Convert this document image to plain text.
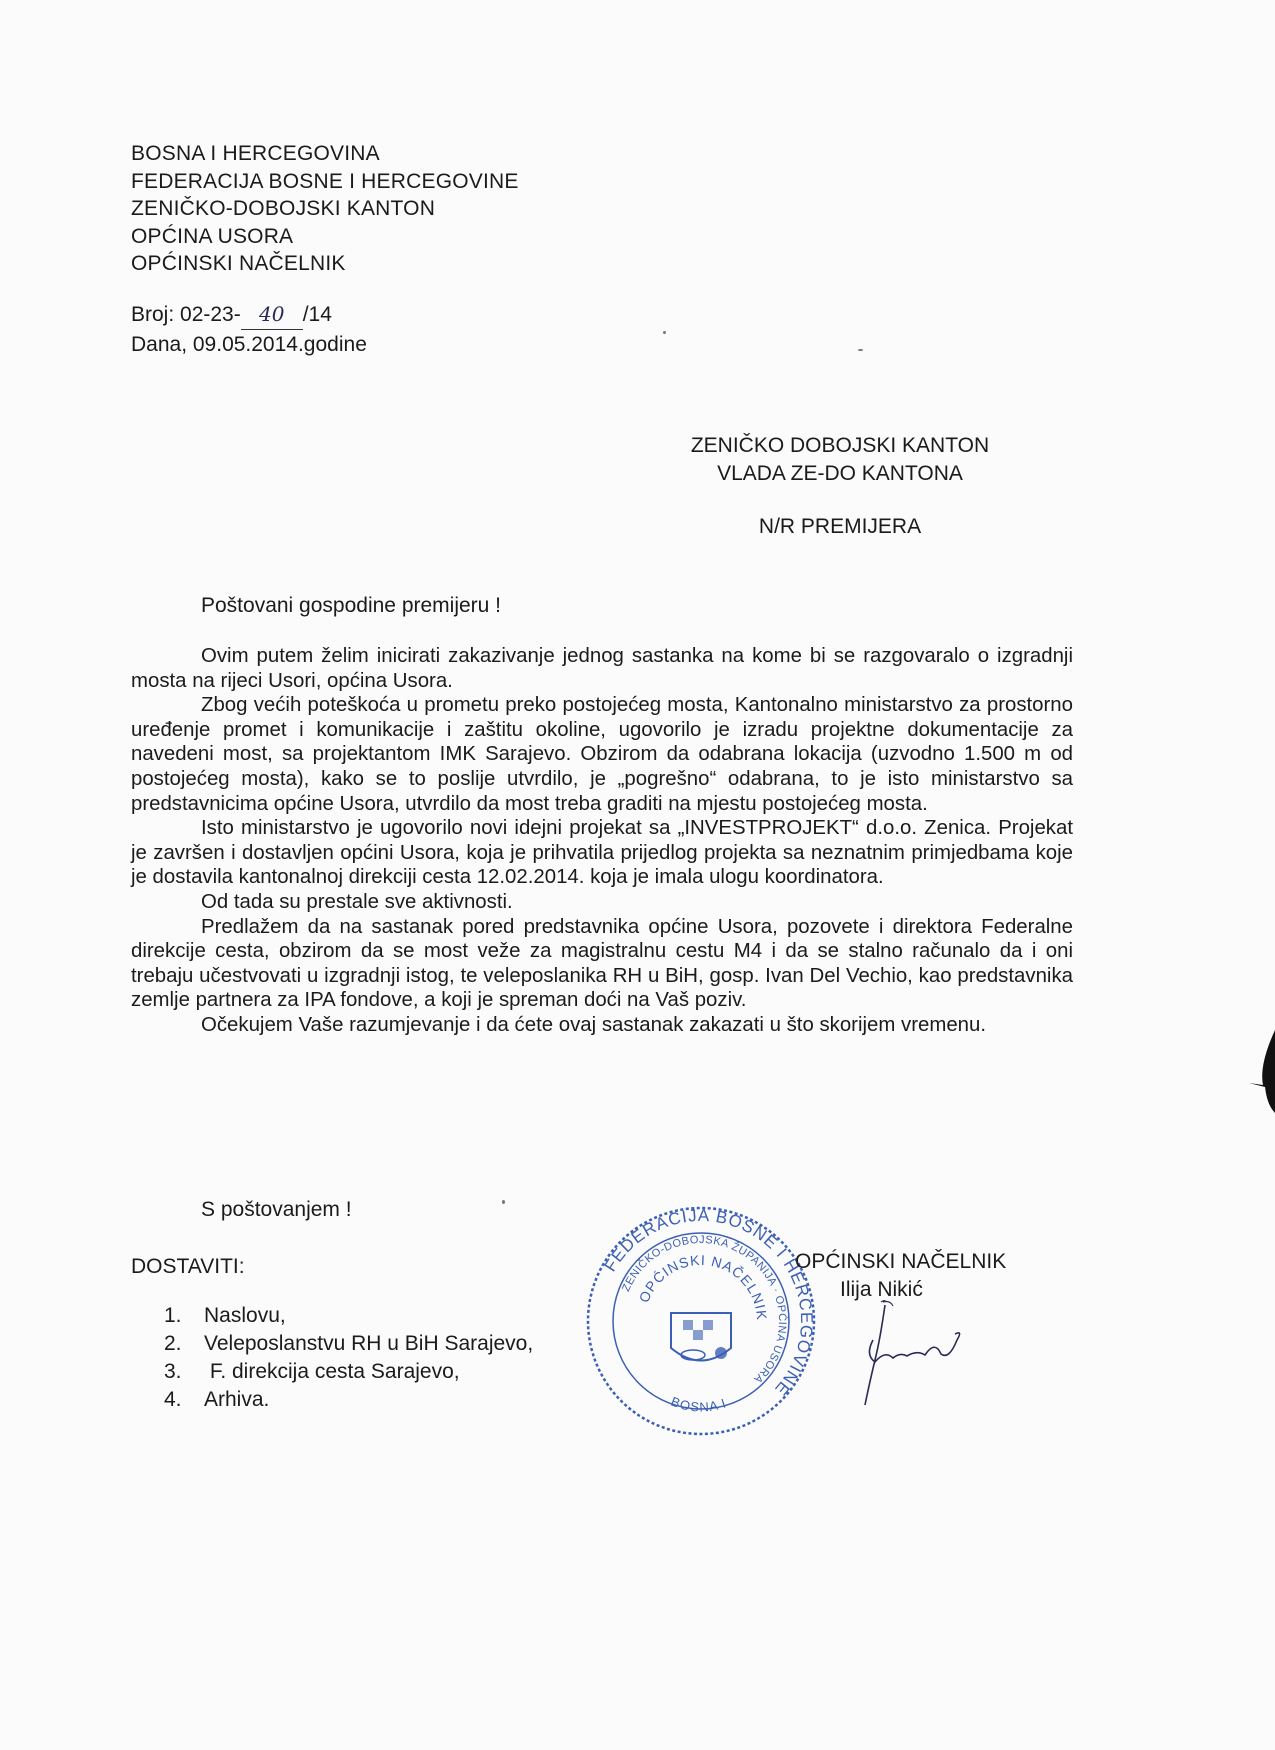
BOSNA I HERCEGOVINA
FEDERACIJA BOSNE I HERCEGOVINE
ZENIČKO-DOBOJSKI KANTON
OPĆINA USORA
OPĆINSKI NAČELNIK
Broj: 02-23- 40 /14
Dana, 09.05.2014.godine
ZENIČKO DOBOJSKI KANTON
VLADA ZE-DO KANTONA
N/R PREMIJERA
Poštovani gospodine premijeru !

Ovim putem želim inicirati zakazivanje jednog sastanka na kome bi se razgovaralo o izgradnji mosta na rijeci Usori, općina Usora.

Zbog većih poteškoća u prometu preko postojećeg mosta, Kantonalno ministarstvo za prostorno uređenje promet i komunikacije i zaštitu okoline, ugovorilo je izradu projektne dokumentacije za navedeni most, sa projektantom IMK Sarajevo. Obzirom da odabrana lokacija (uzvodno 1.500 m od postojećeg mosta), kako se to poslije utvrdilo, je „pogrešno“ odabrana, to je isto ministarstvo sa predstavnicima općine Usora, utvrdilo da most treba graditi na mjestu postojećeg mosta.

Isto ministarstvo je ugovorilo novi idejni projekat sa „INVESTPROJEKT“ d.o.o. Zenica. Projekat je završen i dostavljen općini Usora, koja je prihvatila prijedlog projekta sa neznatnim primjedbama koje je dostavila kantonalnoj direkciji cesta 12.02.2014. koja je imala ulogu koordinatora.

Od tada su prestale sve aktivnosti.

Predlažem da na sastanak pored predstavnika općine Usora, pozovete i direktora Federalne direkcije cesta, obzirom da se most veže za magistralnu cestu M4 i da se stalno računalo da i oni trebaju učestvovati u izgradnji istog, te veleposlanika RH u BiH, gosp. Ivan Del Vechio, kao predstavnika zemlje partnera za IPA fondove, a koji je spreman doći na Vaš poziv.

Očekujem Vaše razumjevanje i da ćete ovaj sastanak zakazati u što skorijem vremenu.

S poštovanjem !
DOSTAVITI:
1. Naslovu,
2. Veleposlanstvu RH u BiH Sarajevo,
3. F. direkcija cesta Sarajevo,
4. Arhiva.
FEDERACIJA BOSNE I HERCEGOVINE
ZENIČKO-DOBOJSKA ŽUPANIJA · OPĆINA USORA
OPĆINSKI NAČELNIK
BOSNA I
OPĆINSKI NAČELNIK
Ilija Nikić
